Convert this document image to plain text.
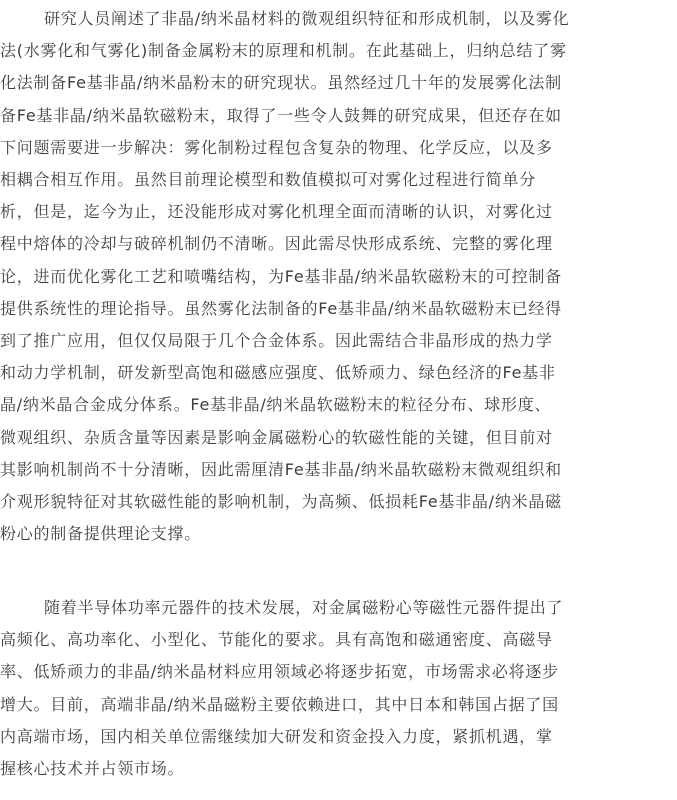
研究人员阐述了非晶/纳米晶材料的微观组织特征和形成机制，以及雾化
法(水雾化和气雾化)制备金属粉末的原理和机制。在此基础上，归纳总结了雾
化法制备Fe基非晶/纳米晶粉末的研究现状。虽然经过几十年的发展雾化法制
备Fe基非晶/纳米晶软磁粉末，取得了一些令人鼓舞的研究成果，但还存在如
下问题需要进一步解决：雾化制粉过程包含复杂的物理、化学反应，以及多
相耦合相互作用。虽然目前理论模型和数值模拟可对雾化过程进行简单分
析，但是，迄今为止，还没能形成对雾化机理全面而清晰的认识，对雾化过
程中熔体的冷却与破碎机制仍不清晰。因此需尽快形成系统、完整的雾化理
论，进而优化雾化工艺和喷嘴结构，为Fe基非晶/纳米晶软磁粉末的可控制备
提供系统性的理论指导。虽然雾化法制备的Fe基非晶/纳米晶软磁粉末已经得
到了推广应用，但仅仅局限于几个合金体系。因此需结合非晶形成的热力学
和动力学机制，研发新型高饱和磁感应强度、低矫顽力、绿色经济的Fe基非
晶/纳米晶合金成分体系。Fe基非晶/纳米晶软磁粉末的粒径分布、球形度、
微观组织、杂质含量等因素是影响金属磁粉心的软磁性能的关键，但目前对
其影响机制尚不十分清晰，因此需厘清Fe基非晶/纳米晶软磁粉末微观组织和
介观形貌特征对其软磁性能的影响机制，为高频、低损耗Fe基非晶/纳米晶磁
粉心的制备提供理论支撑。
随着半导体功率元器件的技术发展，对金属磁粉心等磁性元器件提出了
高频化、高功率化、小型化、节能化的要求。具有高饱和磁通密度、高磁导
率、低矫顽力的非晶/纳米晶材料应用领域必将逐步拓宽，市场需求必将逐步
增大。目前，高端非晶/纳米晶磁粉主要依赖进口，其中日本和韩国占据了国
内高端市场，国内相关单位需继续加大研发和资金投入力度，紧抓机遇，掌
握核心技术并占领市场。
